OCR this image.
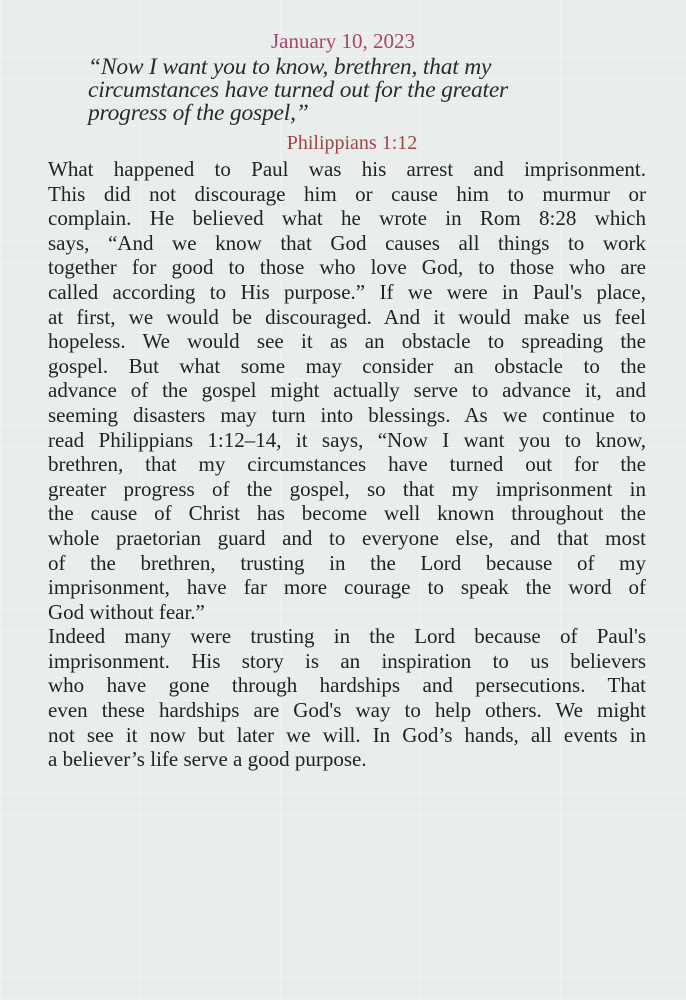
January 10, 2023
“Now I want you to know, brethren, that my
circumstances have turned out for the greater
progress of the gospel,”
Philippians 1:12

What happened to Paul was his arrest and imprisonment.
This did not discourage him or cause him to murmur or
complain. He believed what he wrote in Rom 8:28 which
says, “And we know that God causes all things to work
together for good to those who love God, to those who are
called according to His purpose.” If we were in Paul's place,
at first, we would be discouraged. And it would make us feel
hopeless. We would see it as an obstacle to spreading the
gospel. But what some may consider an obstacle to the
advance of the gospel might actually serve to advance it, and
seeming disasters may turn into blessings. As we continue to
read Philippians 1:12–14, it says, “Now I want you to know,
brethren, that my circumstances have turned out for the
greater progress of the gospel, so that my imprisonment in
the cause of Christ has become well known throughout the
whole praetorian guard and to everyone else, and that most
of the brethren, trusting in the Lord because of my
imprisonment, have far more courage to speak the word of
God without fear.”

Indeed many were trusting in the Lord because of Paul's
imprisonment. His story is an inspiration to us believers
who have gone through hardships and persecutions. That
even these hardships are God's way to help others. We might
not see it now but later we will. In God’s hands, all events in
a believer’s life serve a good purpose.
